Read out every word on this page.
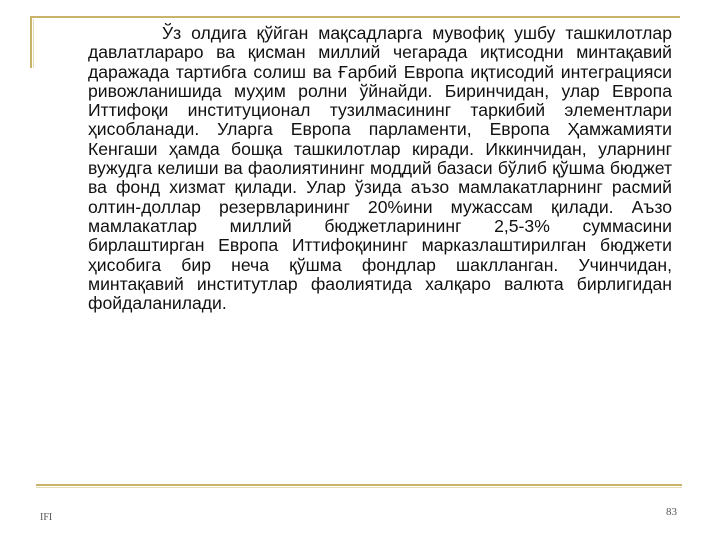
Ўз олдига қўйган мақсадларга мувофиқ ушбу ташкилотлар давлатлараро ва қисман миллий чегарада иқтисодни минтақавий даражада тартибга солиш ва Ғарбий Европа иқтисодий интеграцияси ривожланишида муҳим ролни ўйнайди. Биринчидан, улар Европа Иттифоқи институционал тузилмасининг таркибий элементлари ҳисобланади. Уларга Европа парламенти, Европа Ҳамжамияти Кенгаши ҳамда бошқа ташкилотлар киради. Иккинчидан, уларнинг вужудга келиши ва фаолиятининг моддий базаси бўлиб қўшма бюджет ва фонд хизмат қилади. Улар ўзида аъзо мамлакатларнинг расмий олтин-доллар резервларининг 20%ини мужассам қилади. Аъзо мамлакатлар миллий бюджетларининг 2,5-3% суммасини бирлаштирган Европа Иттифоқининг марказлаштирилган бюджети ҳисобига бир неча қўшма фондлар шаклланган. Учинчидан, минтақавий институтлар фаолиятида халқаро валюта бирлигидан фойдаланилади.

IFI	83
